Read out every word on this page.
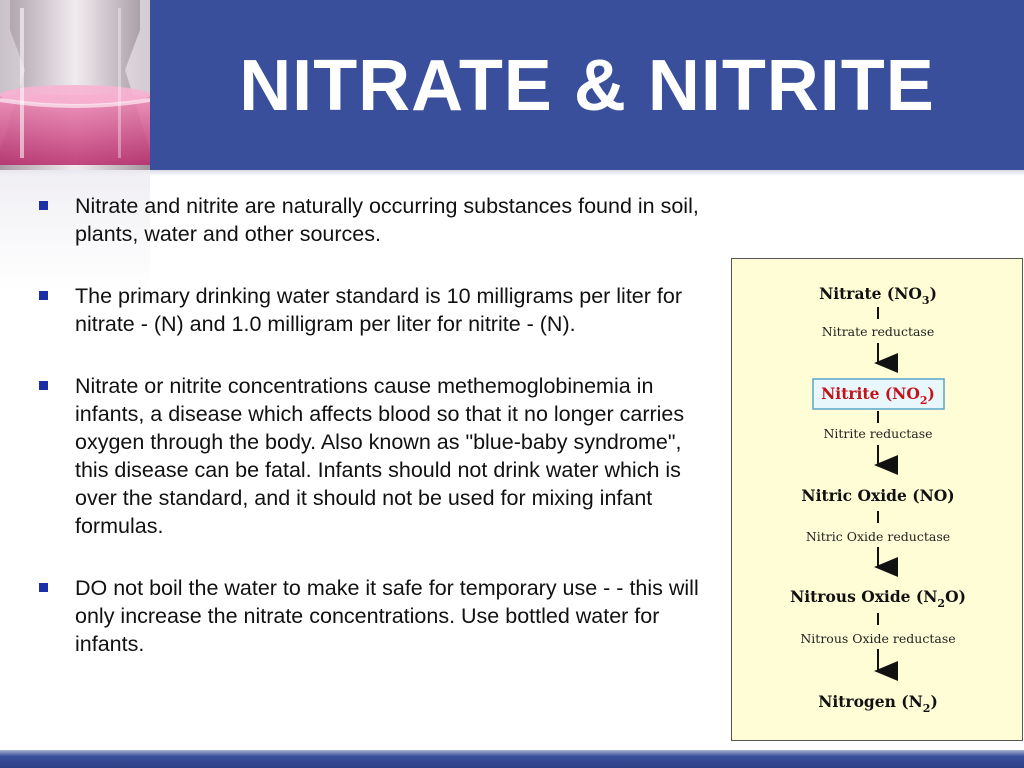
NITRATE & NITRITE
Nitrate and nitrite are naturally occurring substances found in soil, plants, water and other sources.
The primary drinking water standard is 10 milligrams per liter for nitrate - (N) and 1.0 milligram per liter for nitrite - (N).
Nitrate or nitrite concentrations cause methemoglobinemia in infants, a disease which affects blood so that it no longer carries oxygen through the body. Also known as "blue-baby syndrome", this disease can be fatal. Infants should not drink water which is over the standard, and it should not be used for mixing infant formulas.
DO not boil the water to make it safe for temporary use - - this will only increase the nitrate concentrations. Use bottled water for infants.
Nitrate $(NO_3)$
Nitrate reductase
Nitrite $(NO_2)$
Nitrite reductase
Nitric Oxide (NO)
Nitric Oxide reductase
Nitrous Oxide $(N_2O)$
Nitrous Oxide reductase
Nitrogen $(N_2)$
